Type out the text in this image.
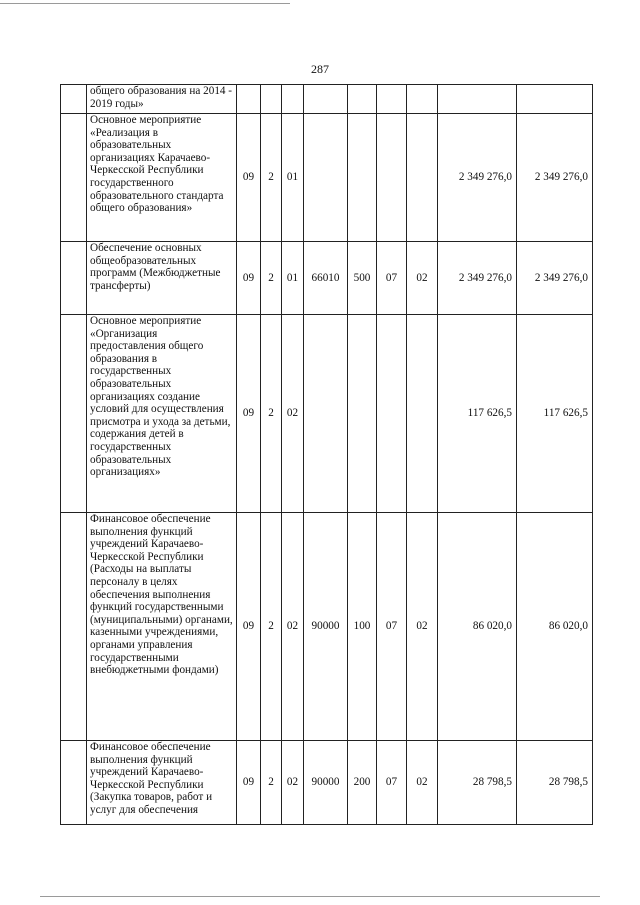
287
	общего образования на 2014 - 2019 годы»									
	Основное мероприятие «Реализация в образовательных организациях Карачаево-Черкесской Республики государственного образовательного стандарта общего образования»	09	2	01					2 349 276,0	2 349 276,0
	Обеспечение основных общеобразовательных программ (Межбюджетные трансферты)	09	2	01	66010	500	07	02	2 349 276,0	2 349 276,0
	Основное мероприятие «Организация предоставления общего образования в государственных образовательных организациях создание условий для осуществления присмотра и ухода за детьми, содержания детей в государственных образовательных организациях»	09	2	02					117 626,5	117 626,5
	Финансовое обеспечение выполнения функций учреждений Карачаево-Черкесской Республики (Расходы на выплаты персоналу в целях обеспечения выполнения функций государственными (муниципальными) органами, казенными учреждениями, органами управления государственными внебюджетными фондами)	09	2	02	90000	100	07	02	86 020,0	86 020,0
	Финансовое обеспечение выполнения функций учреждений Карачаево-Черкесской Республики (Закупка товаров, работ и услуг для обеспечения	09	2	02	90000	200	07	02	28 798,5	28 798,5
